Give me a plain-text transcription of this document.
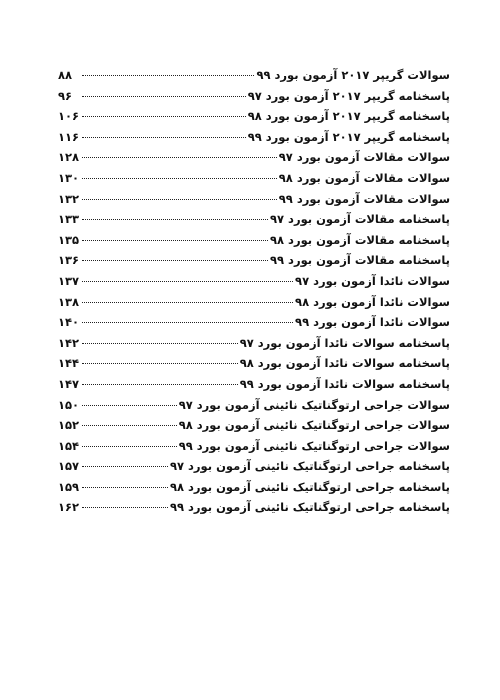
سوالات گریپر ۲۰۱۷ آزمون بورد ۹۹
۸۸
پاسخنامه گریپر ۲۰۱۷ آزمون بورد ۹۷
۹۶
پاسخنامه گریپر ۲۰۱۷ آزمون بورد ۹۸
۱۰۶
پاسخنامه گریپر ۲۰۱۷ آزمون بورد ۹۹
۱۱۶
سوالات مقالات آزمون بورد ۹۷
۱۲۸
سوالات مقالات آزمون بورد ۹۸
۱۳۰
سوالات مقالات آزمون بورد ۹۹
۱۳۲
پاسخنامه مقالات آزمون بورد ۹۷
۱۳۳
پاسخنامه مقالات آزمون بورد ۹۸
۱۳۵
پاسخنامه مقالات آزمون بورد ۹۹
۱۳۶
سوالات نائدا آزمون بورد ۹۷
۱۳۷
سوالات نائدا آزمون بورد ۹۸
۱۳۸
سوالات نائدا آزمون بورد ۹۹
۱۴۰
پاسخنامه سوالات نائدا آزمون بورد ۹۷
۱۴۲
پاسخنامه سوالات نائدا آزمون بورد ۹۸
۱۴۴
پاسخنامه سوالات نائدا آزمون بورد ۹۹
۱۴۷
سوالات جراحی ارتوگناتیک نائینی آزمون بورد ۹۷
۱۵۰
سوالات جراحی ارتوگناتیک نائینی آزمون بورد ۹۸
۱۵۲
سوالات جراحی ارتوگناتیک نائینی آزمون بورد ۹۹
۱۵۴
پاسخنامه جراحی ارتوگناتیک نائینی آزمون بورد ۹۷
۱۵۷
پاسخنامه جراحی ارتوگناتیک نائینی آزمون بورد ۹۸
۱۵۹
پاسخنامه جراحی ارتوگناتیک نائینی آزمون بورد ۹۹
۱۶۲
